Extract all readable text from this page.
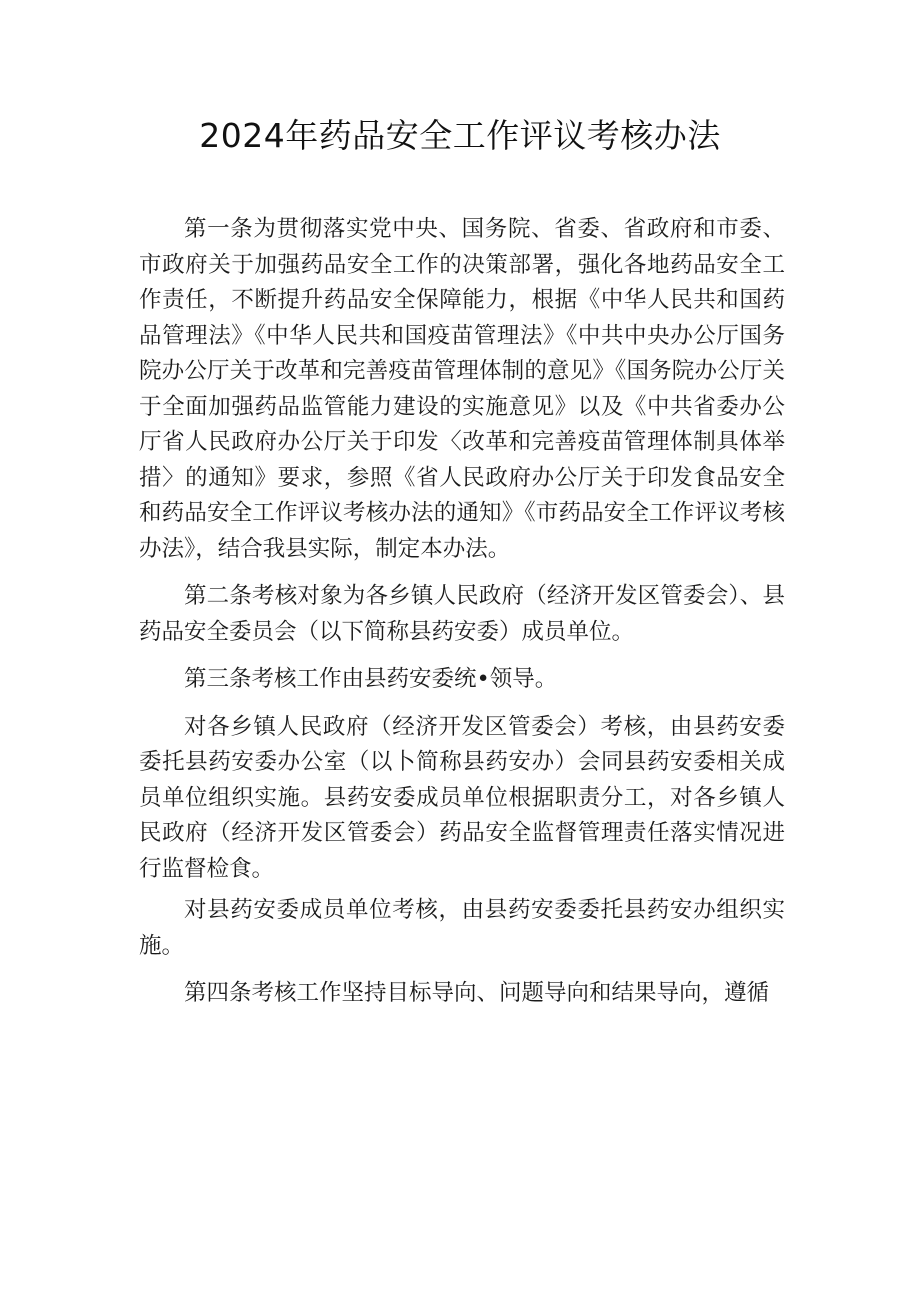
2024年药品安全工作评议考核办法

第一条为贯彻落实党中央、国务院、省委、省政府和市委、市政府关于加强药品安全工作的决策部署，强化各地药品安全工作责任，不断提升药品安全保障能力，根据《中华人民共和国药品管理法》《中华人民共和国疫苗管理法》《中共中央办公厅国务院办公厅关于改革和完善疫苗管理体制的意见》《国务院办公厅关于全面加强药品监管能力建设的实施意见》以及《中共省委办公厅省人民政府办公厅关于印发〈改革和完善疫苗管理体制具体举措〉的通知》要求，参照《省人民政府办公厅关于印发食品安全和药品安全工作评议考核办法的通知》《市药品安全工作评议考核办法》，结合我县实际，制定本办法。

第二条考核对象为各乡镇人民政府（经济开发区管委会）、县药品安全委员会（以下简称县药安委）成员单位。

第三条考核工作由县药安委统•领导。

对各乡镇人民政府（经济开发区管委会）考核，由县药安委委托县药安委办公室（以卜简称县药安办）会同县药安委相关成员单位组织实施。县药安委成员单位根据职责分工，对各乡镇人民政府（经济开发区管委会）药品安全监督管理责任落实情况进行监督检食。

对县药安委成员单位考核，由县药安委委托县药安办组织实施。

第四条考核工作坚持目标导向、问题导向和结果导向，遵循
